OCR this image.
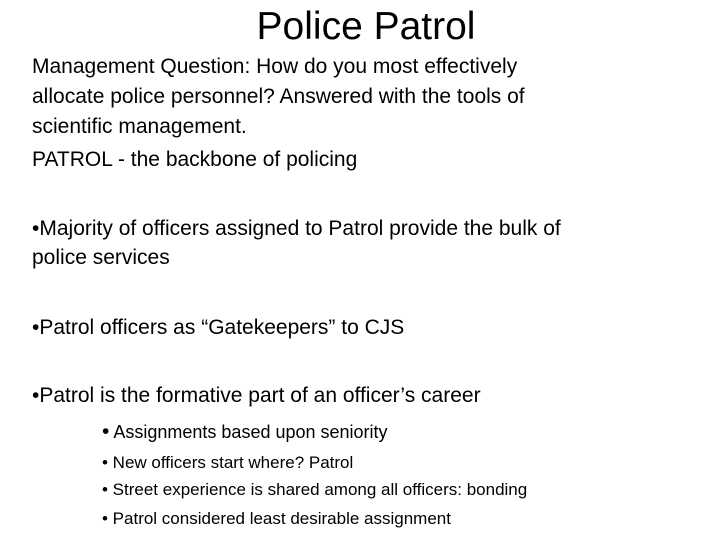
Police Patrol
Management Question: How do you most effectively
allocate police personnel? Answered with the tools of
scientific management.
PATROL - the backbone of policing
•Majority of officers assigned to Patrol provide the bulk of
police services
•Patrol officers as “Gatekeepers” to CJS
•Patrol is the formative part of an officer’s career
• Assignments based upon seniority
• New officers start where? Patrol
• Street experience is shared among all officers: bonding
• Patrol considered least desirable assignment
